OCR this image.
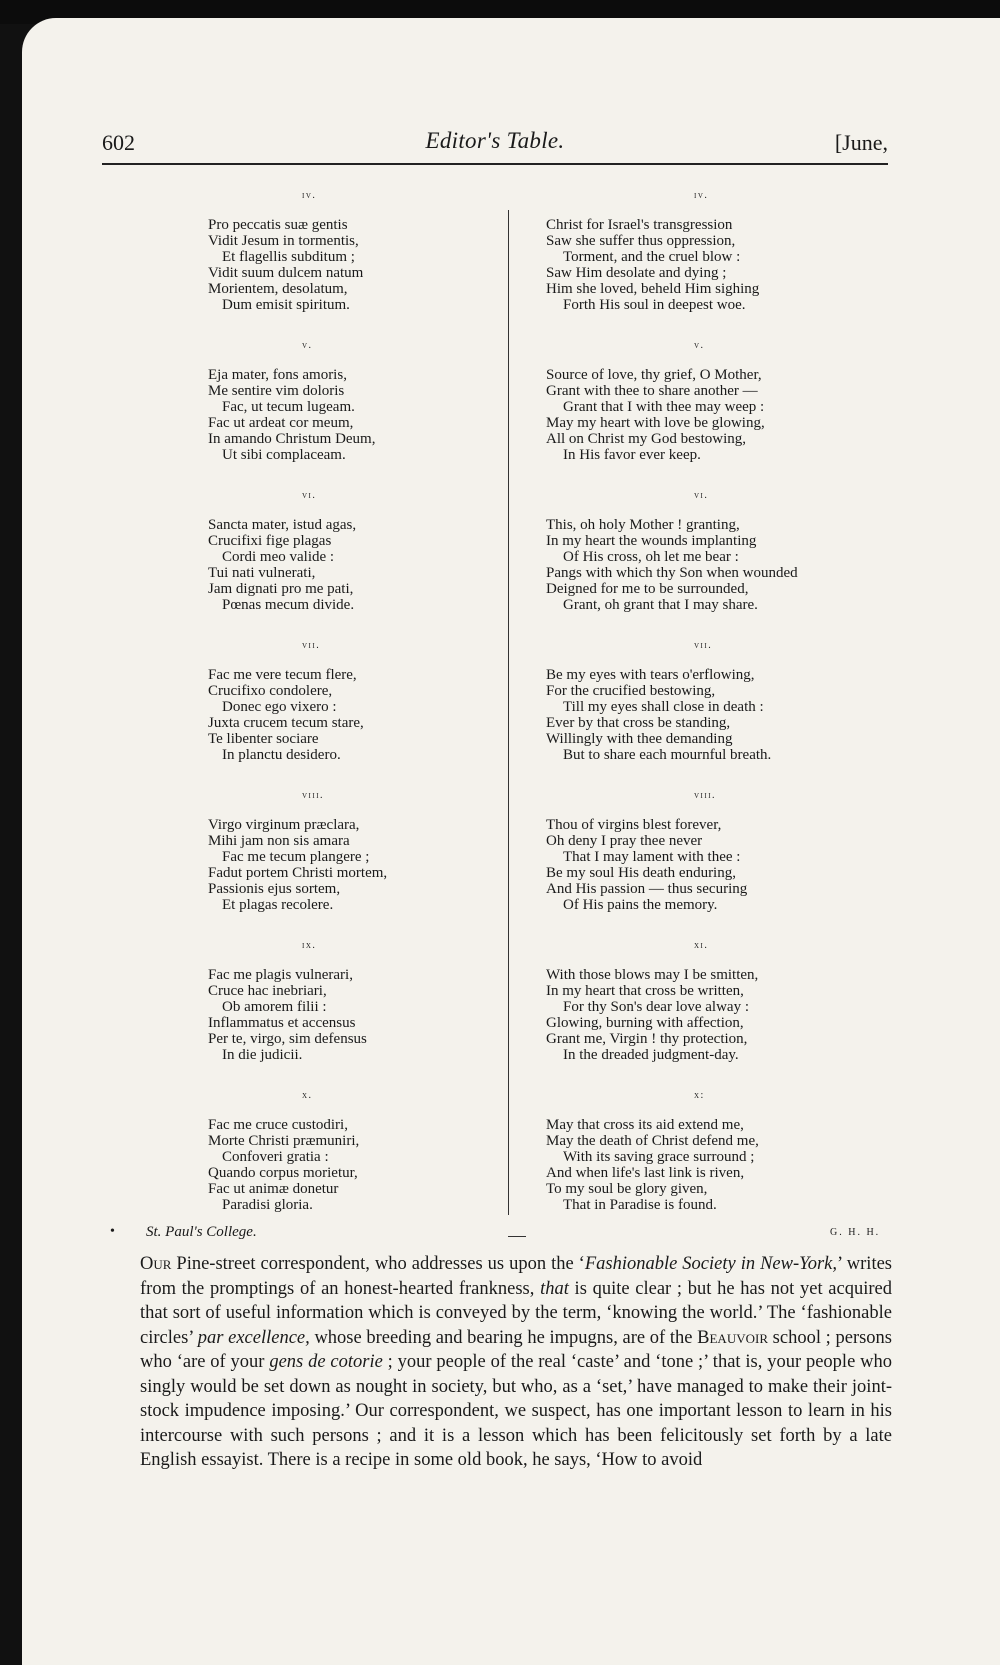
602	Editor's Table.	[June,
iv.
Pro peccatis suæ gentis
Vidit Jesum in tormentis,
Et flagellis subditum ;
Vidit suum dulcem natum
Morientem, desolatum,
Dum emisit spiritum.
v.
Eja mater, fons amoris,
Me sentire vim doloris
Fac, ut tecum lugeam.
Fac ut ardeat cor meum,
In amando Christum Deum,
Ut sibi complaceam.
vi.
Sancta mater, istud agas,
Crucifixi fige plagas
Cordi meo valide :
Tui nati vulnerati,
Jam dignati pro me pati,
Pœnas mecum divide.
vii.
Fac me vere tecum flere,
Crucifixo condolere,
Donec ego vixero :
Juxta crucem tecum stare,
Te libenter sociare
In planctu desidero.
viii.
Virgo virginum præclara,
Mihi jam non sis amara
Fac me tecum plangere ;
Fadut portem Christi mortem,
Passionis ejus sortem,
Et plagas recolere.
ix.
Fac me plagis vulnerari,
Cruce hac inebriari,
Ob amorem filii :
Inflammatus et accensus
Per te, virgo, sim defensus
In die judicii.
x.
Fac me cruce custodiri,
Morte Christi præmuniri,
Confoveri gratia :
Quando corpus morietur,
Fac ut animæ donetur
Paradisi gloria.
iv.
Christ for Israel's transgression
Saw she suffer thus oppression,
Torment, and the cruel blow :
Saw Him desolate and dying ;
Him she loved, beheld Him sighing
Forth His soul in deepest woe.
v.
Source of love, thy grief, O Mother,
Grant with thee to share another —
Grant that I with thee may weep :
May my heart with love be glowing,
All on Christ my God bestowing,
In His favor ever keep.
vi.
This, oh holy Mother ! granting,
In my heart the wounds implanting
Of His cross, oh let me bear :
Pangs with which thy Son when wounded
Deigned for me to be surrounded,
Grant, oh grant that I may share.
vii.
Be my eyes with tears o'erflowing,
For the crucified bestowing,
Till my eyes shall close in death :
Ever by that cross be standing,
Willingly with thee demanding
But to share each mournful breath.
viii.
Thou of virgins blest forever,
Oh deny I pray thee never
That I may lament with thee :
Be my soul His death enduring,
And His passion — thus securing
Of His pains the memory.
xi.
With those blows may I be smitten,
In my heart that cross be written,
For thy Son's dear love alway :
Glowing, burning with affection,
Grant me, Virgin ! thy protection,
In the dreaded judgment-day.
x:
May that cross its aid extend me,
May the death of Christ defend me,
With its saving grace surround ;
And when life's last link is riven,
To my soul be glory given,
That in Paradise is found.
• St. Paul's College.	G. H. H.

Our Pine-street correspondent, who addresses us upon the ‘Fashionable Society in New-York,’ writes from the promptings of an honest-hearted frankness, that is quite clear ; but he has not yet acquired that sort of useful information which is conveyed by the term, ‘knowing the world.’ The ‘fashionable circles’ par excellence, whose breeding and bearing he impugns, are of the Beauvoir school ; persons who ‘are of your gens de cotorie ; your people of the real ‘caste’ and ‘tone ;’ that is, your people who singly would be set down as nought in society, but who, as a ‘set,’ have managed to make their joint-stock impudence imposing.’ Our correspondent, we suspect, has one important lesson to learn in his intercourse with such persons ; and it is a lesson which has been felicitously set forth by a late English essayist. There is a recipe in some old book, he says, ‘How to avoid
